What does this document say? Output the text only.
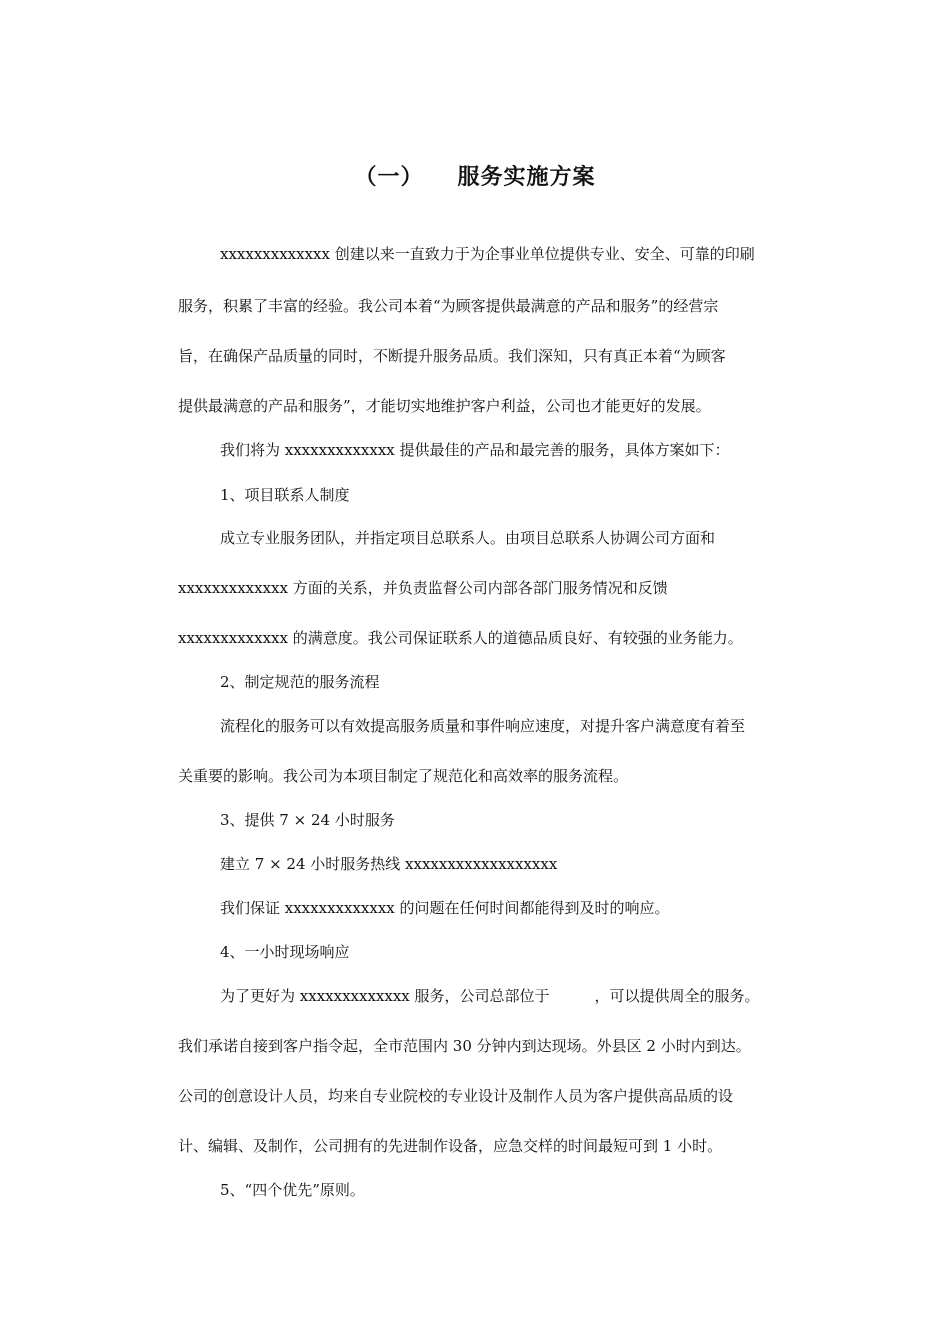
（一） 服务实施方案

xxxxxxxxxxxxx 创建以来一直致力于为企事业单位提供专业、安全、可靠的印刷

服务，积累了丰富的经验。我公司本着“为顾客提供最满意的产品和服务”的经营宗

旨，在确保产品质量的同时，不断提升服务品质。我们深知，只有真正本着“为顾客

提供最满意的产品和服务”，才能切实地维护客户利益，公司也才能更好的发展。

我们将为 xxxxxxxxxxxxx 提供最佳的产品和最完善的服务，具体方案如下：

1、项目联系人制度

成立专业服务团队，并指定项目总联系人。由项目总联系人协调公司方面和

xxxxxxxxxxxxx 方面的关系，并负责监督公司内部各部门服务情况和反馈

xxxxxxxxxxxxx 的满意度。我公司保证联系人的道德品质良好、有较强的业务能力。

2、制定规范的服务流程

流程化的服务可以有效提高服务质量和事件响应速度，对提升客户满意度有着至

关重要的影响。我公司为本项目制定了规范化和高效率的服务流程。

3、提供 7 × 24 小时服务

建立 7 × 24 小时服务热线 xxxxxxxxxxxxxxxxxx

我们保证 xxxxxxxxxxxxx 的问题在任何时间都能得到及时的响应。

4、一小时现场响应

为了更好为 xxxxxxxxxxxxx 服务，公司总部位于　　　，可以提供周全的服务。

我们承诺自接到客户指令起，全市范围内 30 分钟内到达现场。外县区 2 小时内到达。

公司的创意设计人员，均来自专业院校的专业设计及制作人员为客户提供高品质的设

计、编辑、及制作，公司拥有的先进制作设备，应急交样的时间最短可到 1 小时。

5、“四个优先”原则。
